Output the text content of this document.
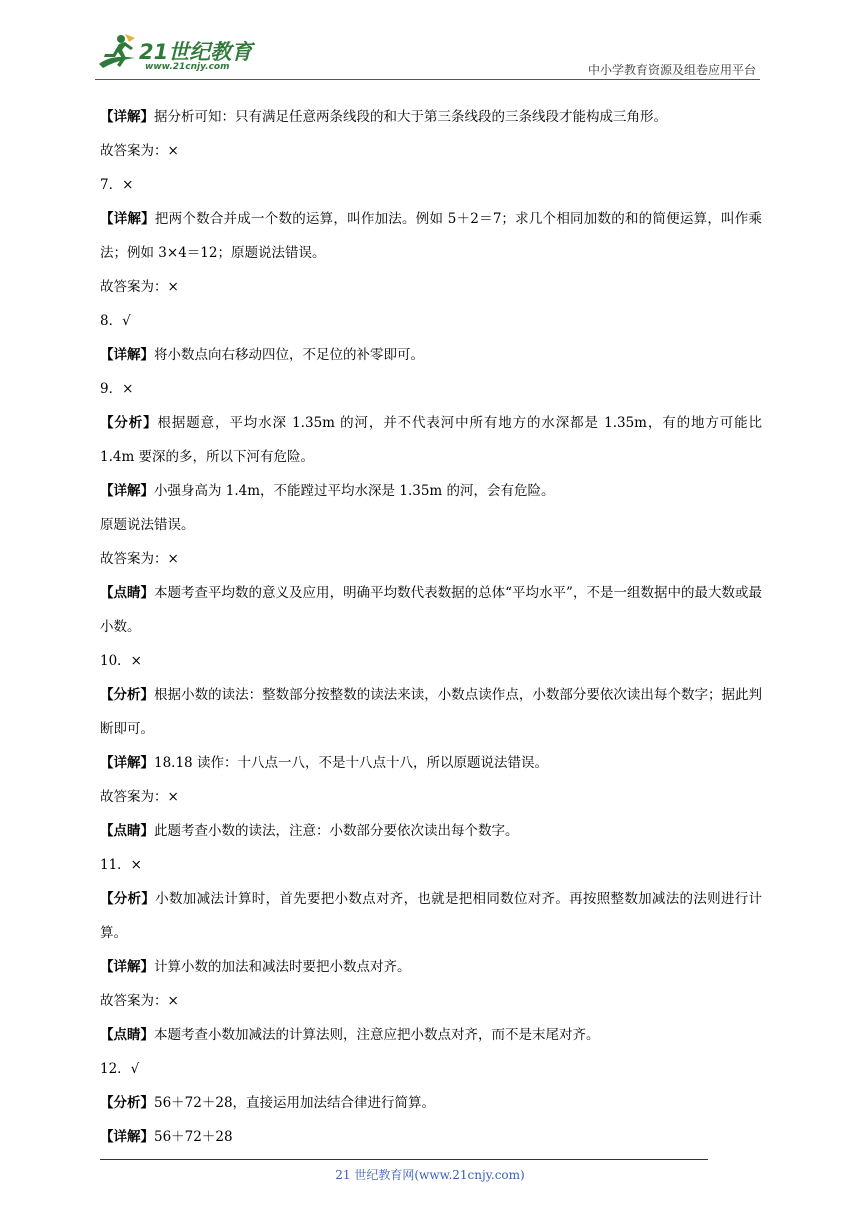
21世纪教育
www.21cnjy.com	中小学教育资源及组卷应用平台

【详解】据分析可知：只有满足任意两条线段的和大于第三条线段的三条线段才能构成三角形。

故答案为：×

7．×

【详解】把两个数合并成一个数的运算，叫作加法。例如 5＋2＝7；求几个相同加数的和的简便运算，叫作乘法；例如 3×4＝12；原题说法错误。

故答案为：×

8．√

【详解】将小数点向右移动四位，不足位的补零即可。

9．×

【分析】根据题意，平均水深 1.35m 的河，并不代表河中所有地方的水深都是 1.35m，有的地方可能比 1.4m 要深的多，所以下河有危险。

【详解】小强身高为 1.4m，不能蹚过平均水深是 1.35m 的河，会有危险。

原题说法错误。

故答案为：×

【点睛】本题考查平均数的意义及应用，明确平均数代表数据的总体“平均水平”，不是一组数据中的最大数或最小数。

10．×

【分析】根据小数的读法：整数部分按整数的读法来读，小数点读作点，小数部分要依次读出每个数字；据此判断即可。

【详解】18.18 读作：十八点一八，不是十八点十八，所以原题说法错误。

故答案为：×

【点睛】此题考查小数的读法，注意：小数部分要依次读出每个数字。

11．×

【分析】小数加减法计算时，首先要把小数点对齐，也就是把相同数位对齐。再按照整数加减法的法则进行计算。

【详解】计算小数的加法和减法时要把小数点对齐。

故答案为：×

【点睛】本题考查小数加减法的计算法则，注意应把小数点对齐，而不是末尾对齐。

12．√

【分析】56＋72＋28，直接运用加法结合律进行简算。

【详解】56＋72＋28

21 世纪教育网(www.21cnjy.com)
